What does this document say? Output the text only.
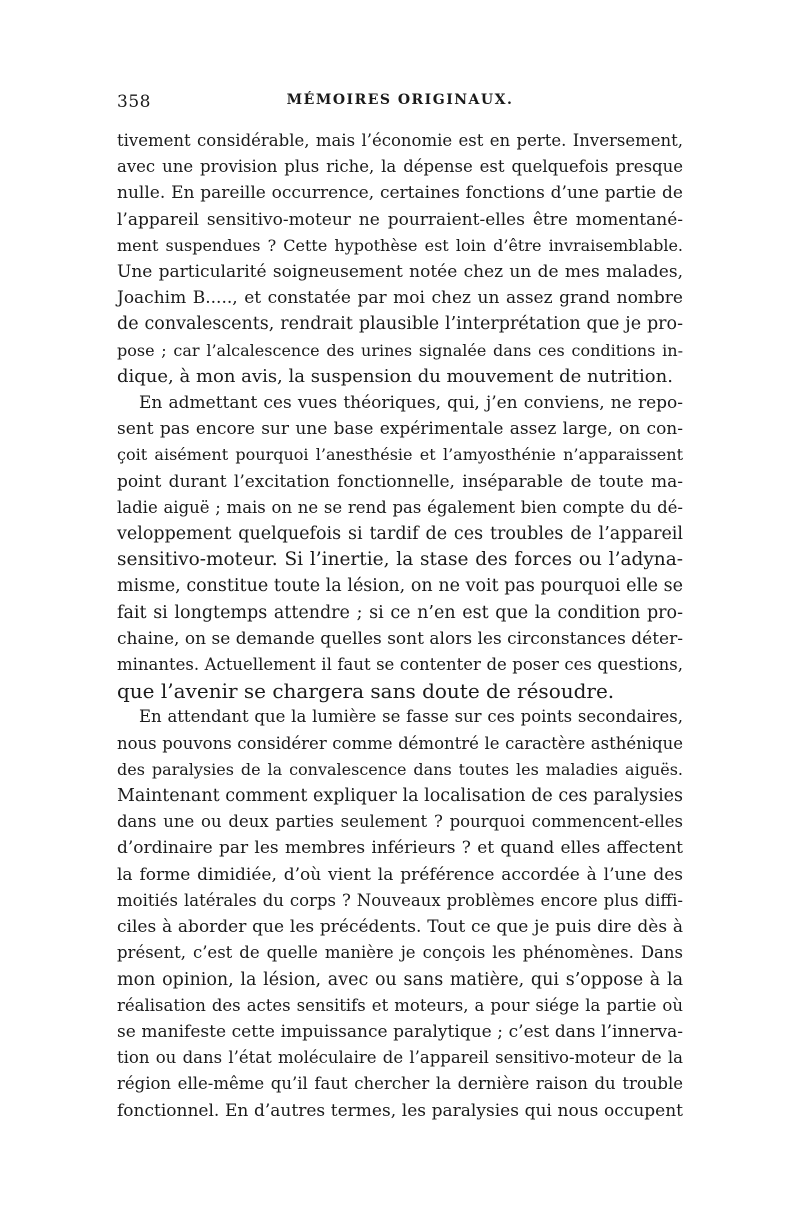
358	MÉMOIRES ORIGINAUX.
tivement considérable, mais l’économie est en perte. Inversement,
avec une provision plus riche, la dépense est quelquefois presque
nulle. En pareille occurrence, certaines fonctions d’une partie de
l’appareil sensitivo-moteur ne pourraient-elles être momentané-
ment suspendues ? Cette hypothèse est loin d’être invraisemblable.
Une particularité soigneusement notée chez un de mes malades,
Joachim B....., et constatée par moi chez un assez grand nombre
de convalescents, rendrait plausible l’interprétation que je pro-
pose ; car l’alcalescence des urines signalée dans ces conditions in-
dique, à mon avis, la suspension du mouvement de nutrition.
En admettant ces vues théoriques, qui, j’en conviens, ne repo-
sent pas encore sur une base expérimentale assez large, on con-
çoit aisément pourquoi l’anesthésie et l’amyosthénie n’apparaissent
point durant l’excitation fonctionnelle, inséparable de toute ma-
ladie aiguë ; mais on ne se rend pas également bien compte du dé-
veloppement quelquefois si tardif de ces troubles de l’appareil
sensitivo-moteur. Si l’inertie, la stase des forces ou l’adyna-
misme, constitue toute la lésion, on ne voit pas pourquoi elle se
fait si longtemps attendre ; si ce n’en est que la condition pro-
chaine, on se demande quelles sont alors les circonstances déter-
minantes. Actuellement il faut se contenter de poser ces questions,
que l’avenir se chargera sans doute de résoudre.
En attendant que la lumière se fasse sur ces points secondaires,
nous pouvons considérer comme démontré le caractère asthénique
des paralysies de la convalescence dans toutes les maladies aiguës.
Maintenant comment expliquer la localisation de ces paralysies
dans une ou deux parties seulement ? pourquoi commencent-elles
d’ordinaire par les membres inférieurs ? et quand elles affectent
la forme dimidiée, d’où vient la préférence accordée à l’une des
moitiés latérales du corps ? Nouveaux problèmes encore plus diffi-
ciles à aborder que les précédents. Tout ce que je puis dire dès à
présent, c’est de quelle manière je conçois les phénomènes. Dans
mon opinion, la lésion, avec ou sans matière, qui s’oppose à la
réalisation des actes sensitifs et moteurs, a pour siége la partie où
se manifeste cette impuissance paralytique ; c’est dans l’innerva-
tion ou dans l’état moléculaire de l’appareil sensitivo-moteur de la
région elle-même qu’il faut chercher la dernière raison du trouble
fonctionnel. En d’autres termes, les paralysies qui nous occupent
